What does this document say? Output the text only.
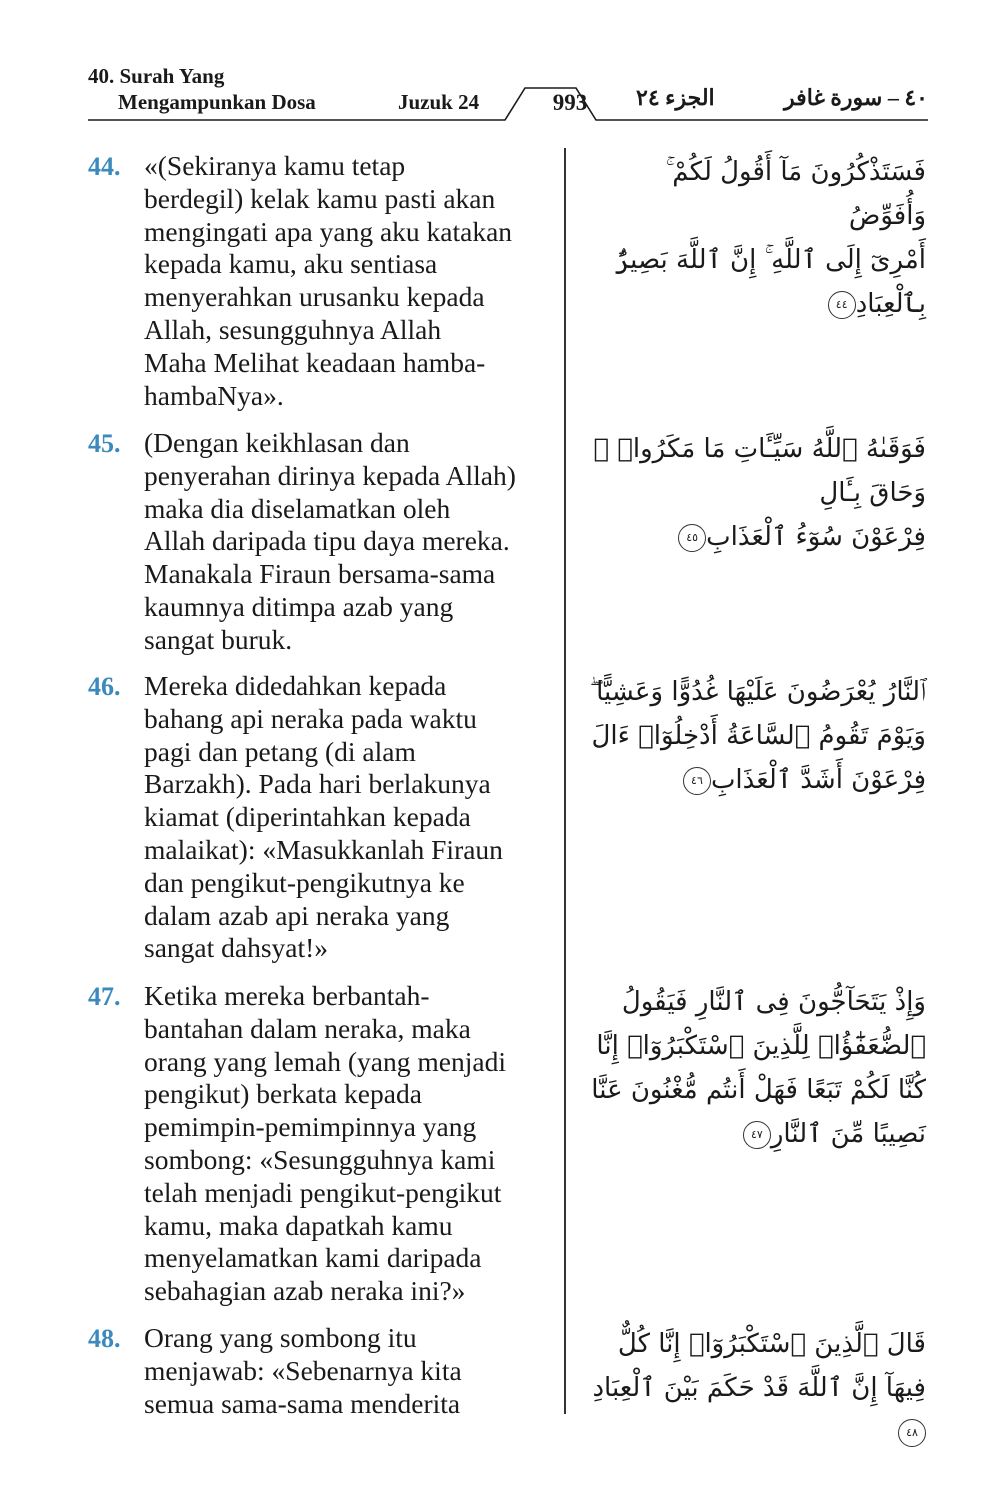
40. Surah Yang
Mengampunkan Dosa	Juzuk 24	993	الجزء ٢٤	٤٠ – سورة غافر
44. «(Sekiranya kamu tetap
berdegil) kelak kamu pasti akan
mengingati apa yang aku katakan
kepada kamu, aku sentiasa
menyerahkan urusanku kepada
Allah, sesungguhnya Allah
Maha Melihat keadaan hamba-
hambaNya».
فَسَتَذْكُرُونَ مَآ أَقُولُ لَكُمْ ۚ وَأُفَوِّضُ
أَمْرِىٓ إِلَى ٱللَّهِ ۚ إِنَّ ٱللَّهَ بَصِيرٌۢ بِٱلْعِبَادِ٤٤
45. (Dengan keikhlasan dan
penyerahan dirinya kepada Allah)
maka dia diselamatkan oleh
Allah daripada tipu daya mereka.
Manakala Firaun bersama-sama
kaumnya ditimpa azab yang
sangat buruk.
فَوَقَىٰهُ ٱللَّهُ سَيِّـَٔاتِ مَا مَكَرُوا۟ ۖ وَحَاقَ بِـَٔالِ
فِرْعَوْنَ سُوٓءُ ٱلْعَذَابِ٤٥
46. Mereka didedahkan kepada
bahang api neraka pada waktu
pagi dan petang (di alam
Barzakh). Pada hari berlakunya
kiamat (diperintahkan kepada
malaikat): «Masukkanlah Firaun
dan pengikut-pengikutnya ke
dalam azab api neraka yang
sangat dahsyat!»
ٱلنَّارُ يُعْرَضُونَ عَلَيْهَا غُدُوًّا وَعَشِيًّا ۖ
وَيَوْمَ تَقُومُ ٱلسَّاعَةُ أَدْخِلُوٓا۟ ءَالَ
فِرْعَوْنَ أَشَدَّ ٱلْعَذَابِ٤٦
47. Ketika mereka berbantah-
bantahan dalam neraka, maka
orang yang lemah (yang menjadi
pengikut) berkata kepada
pemimpin-pemimpinnya yang
sombong: «Sesungguhnya kami
telah menjadi pengikut-pengikut
kamu, maka dapatkah kamu
menyelamatkan kami daripada
sebahagian azab neraka ini?»
وَإِذْ يَتَحَآجُّونَ فِى ٱلنَّارِ فَيَقُولُ
ٱلضُّعَفَٰٓؤُا۟ لِلَّذِينَ ٱسْتَكْبَرُوٓا۟ إِنَّا
كُنَّا لَكُمْ تَبَعًا فَهَلْ أَنتُم مُّغْنُونَ عَنَّا
نَصِيبًا مِّنَ ٱلنَّارِ٤٧
48. Orang yang sombong itu
menjawab: «Sebenarnya kita
semua sama-sama menderita
قَالَ ٱلَّذِينَ ٱسْتَكْبَرُوٓا۟ إِنَّا كُلٌّ
فِيهَآ إِنَّ ٱللَّهَ قَدْ حَكَمَ بَيْنَ ٱلْعِبَادِ٤٨
